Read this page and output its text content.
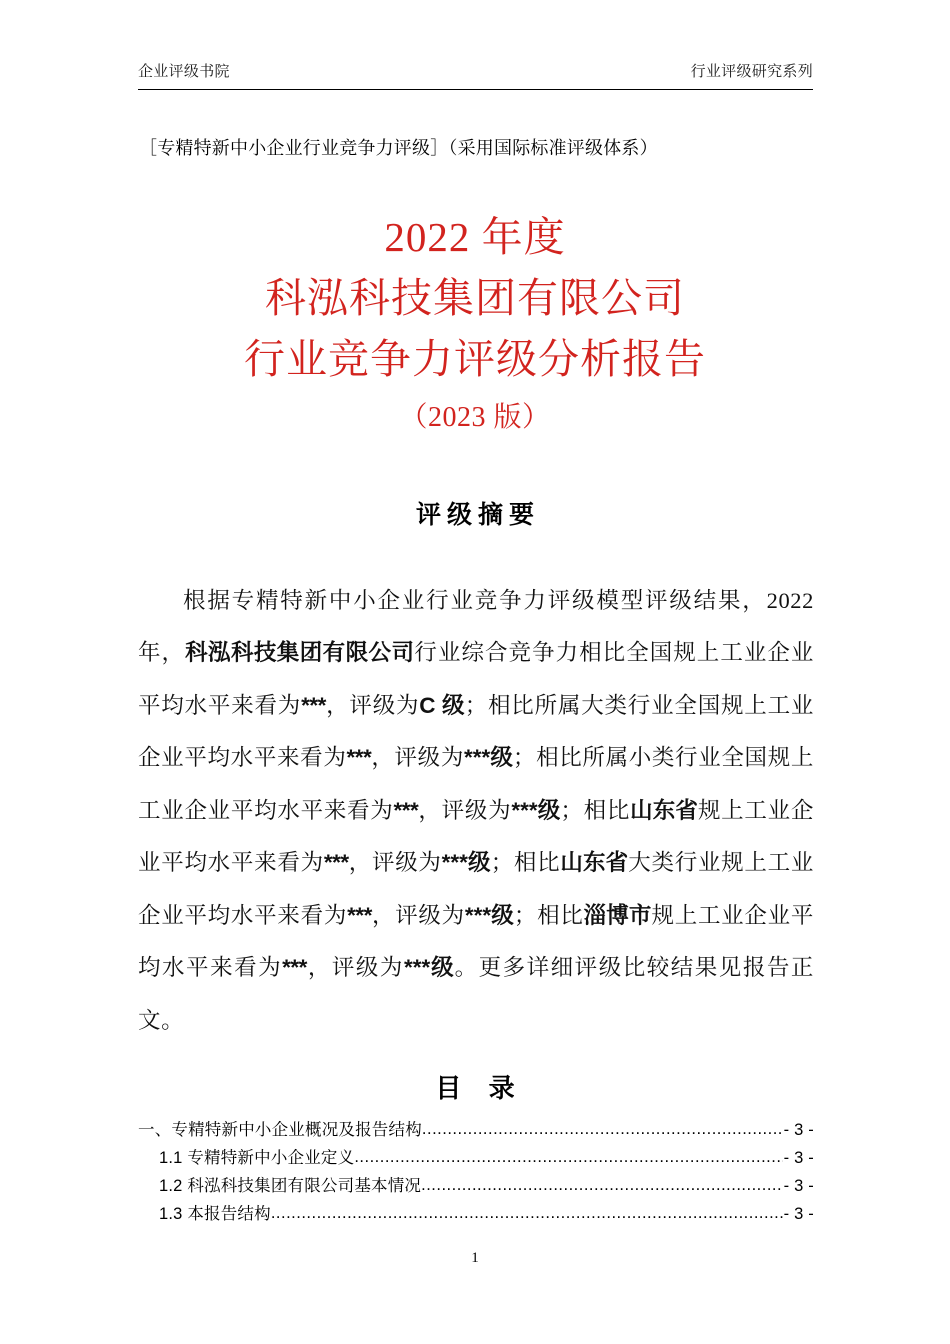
企业评级书院	行业评级研究系列
［专精特新中小企业行业竞争力评级］（采用国际标准评级体系）
2022 年度
科泓科技集团有限公司
行业竞争力评级分析报告
（2023 版）
评级摘要

根据专精特新中小企业行业竞争力评级模型评级结果，2022 年，科泓科技集团有限公司行业综合竞争力相比全国规上工业企业平均水平来看为***，评级为C 级；相比所属大类行业全国规上工业企业平均水平来看为***，评级为***级；相比所属小类行业全国规上工业企业平均水平来看为***，评级为***级；相比山东省规上工业企业平均水平来看为***，评级为***级；相比山东省大类行业规上工业企业平均水平来看为***，评级为***级；相比淄博市规上工业企业平均水平来看为***，评级为***级。更多详细评级比较结果见报告正文。

目 录
一、专精特新中小企业概况及报告结构 .....	- 3 -
1.1 专精特新中小企业定义 .....	- 3 -
1.2 科泓科技集团有限公司基本情况 .....	- 3 -
1.3 本报告结构 .....	- 3 -
1
